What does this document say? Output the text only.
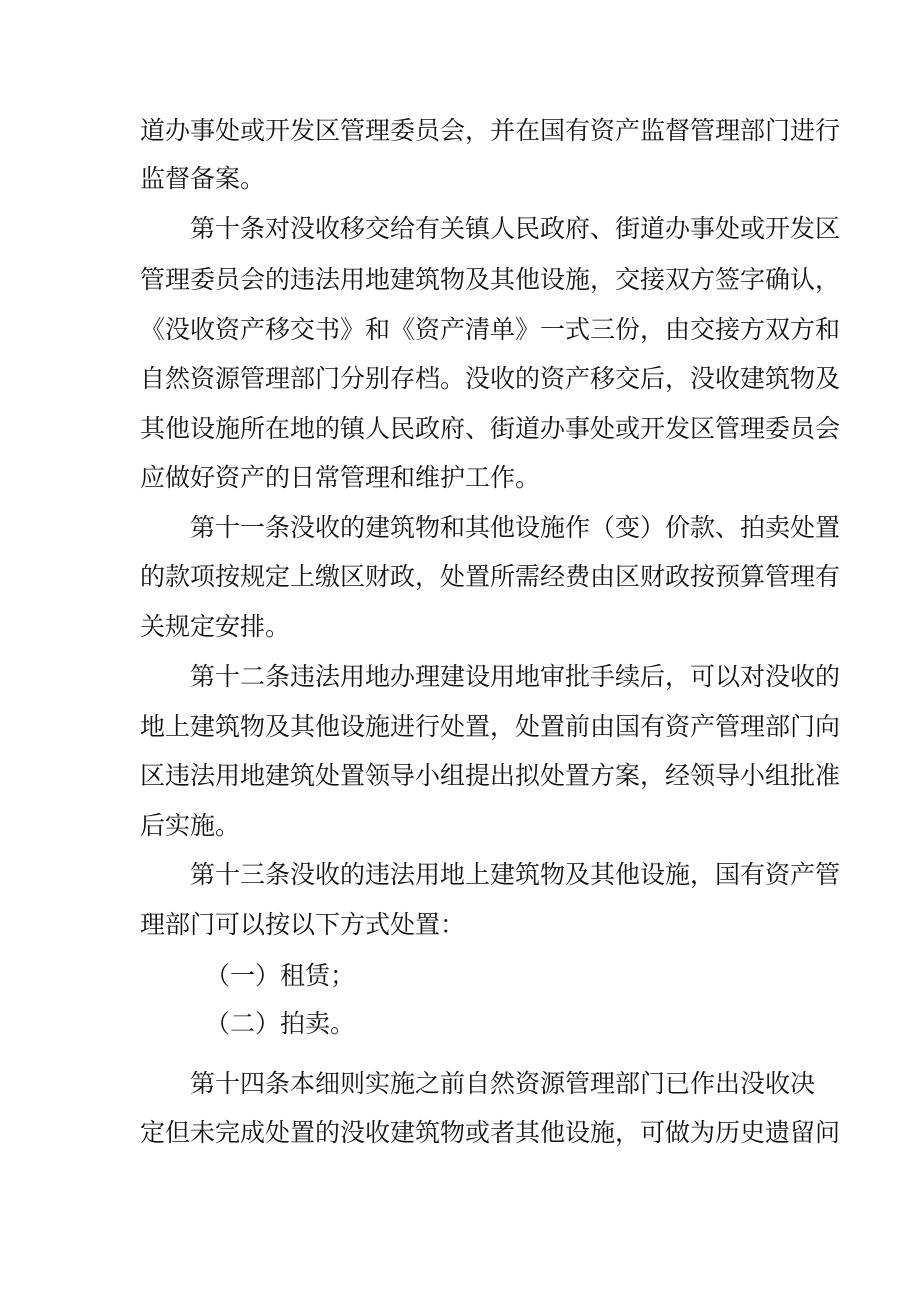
道办事处或开发区管理委员会，并在国有资产监督管理部门进行
监督备案。
第十条对没收移交给有关镇人民政府、街道办事处或开发区
管理委员会的违法用地建筑物及其他设施，交接双方签字确认，
《没收资产移交书》和《资产清单》一式三份，由交接方双方和
自然资源管理部门分别存档。没收的资产移交后，没收建筑物及
其他设施所在地的镇人民政府、街道办事处或开发区管理委员会
应做好资产的日常管理和维护工作。
第十一条没收的建筑物和其他设施作（变）价款、拍卖处置
的款项按规定上缴区财政，处置所需经费由区财政按预算管理有
关规定安排。
第十二条违法用地办理建设用地审批手续后，可以对没收的
地上建筑物及其他设施进行处置，处置前由国有资产管理部门向
区违法用地建筑处置领导小组提出拟处置方案，经领导小组批准
后实施。
第十三条没收的违法用地上建筑物及其他设施，国有资产管
理部门可以按以下方式处置：
（一）租赁；
（二）拍卖。
第十四条本细则实施之前自然资源管理部门已作出没收决
定但未完成处置的没收建筑物或者其他设施，可做为历史遗留问
